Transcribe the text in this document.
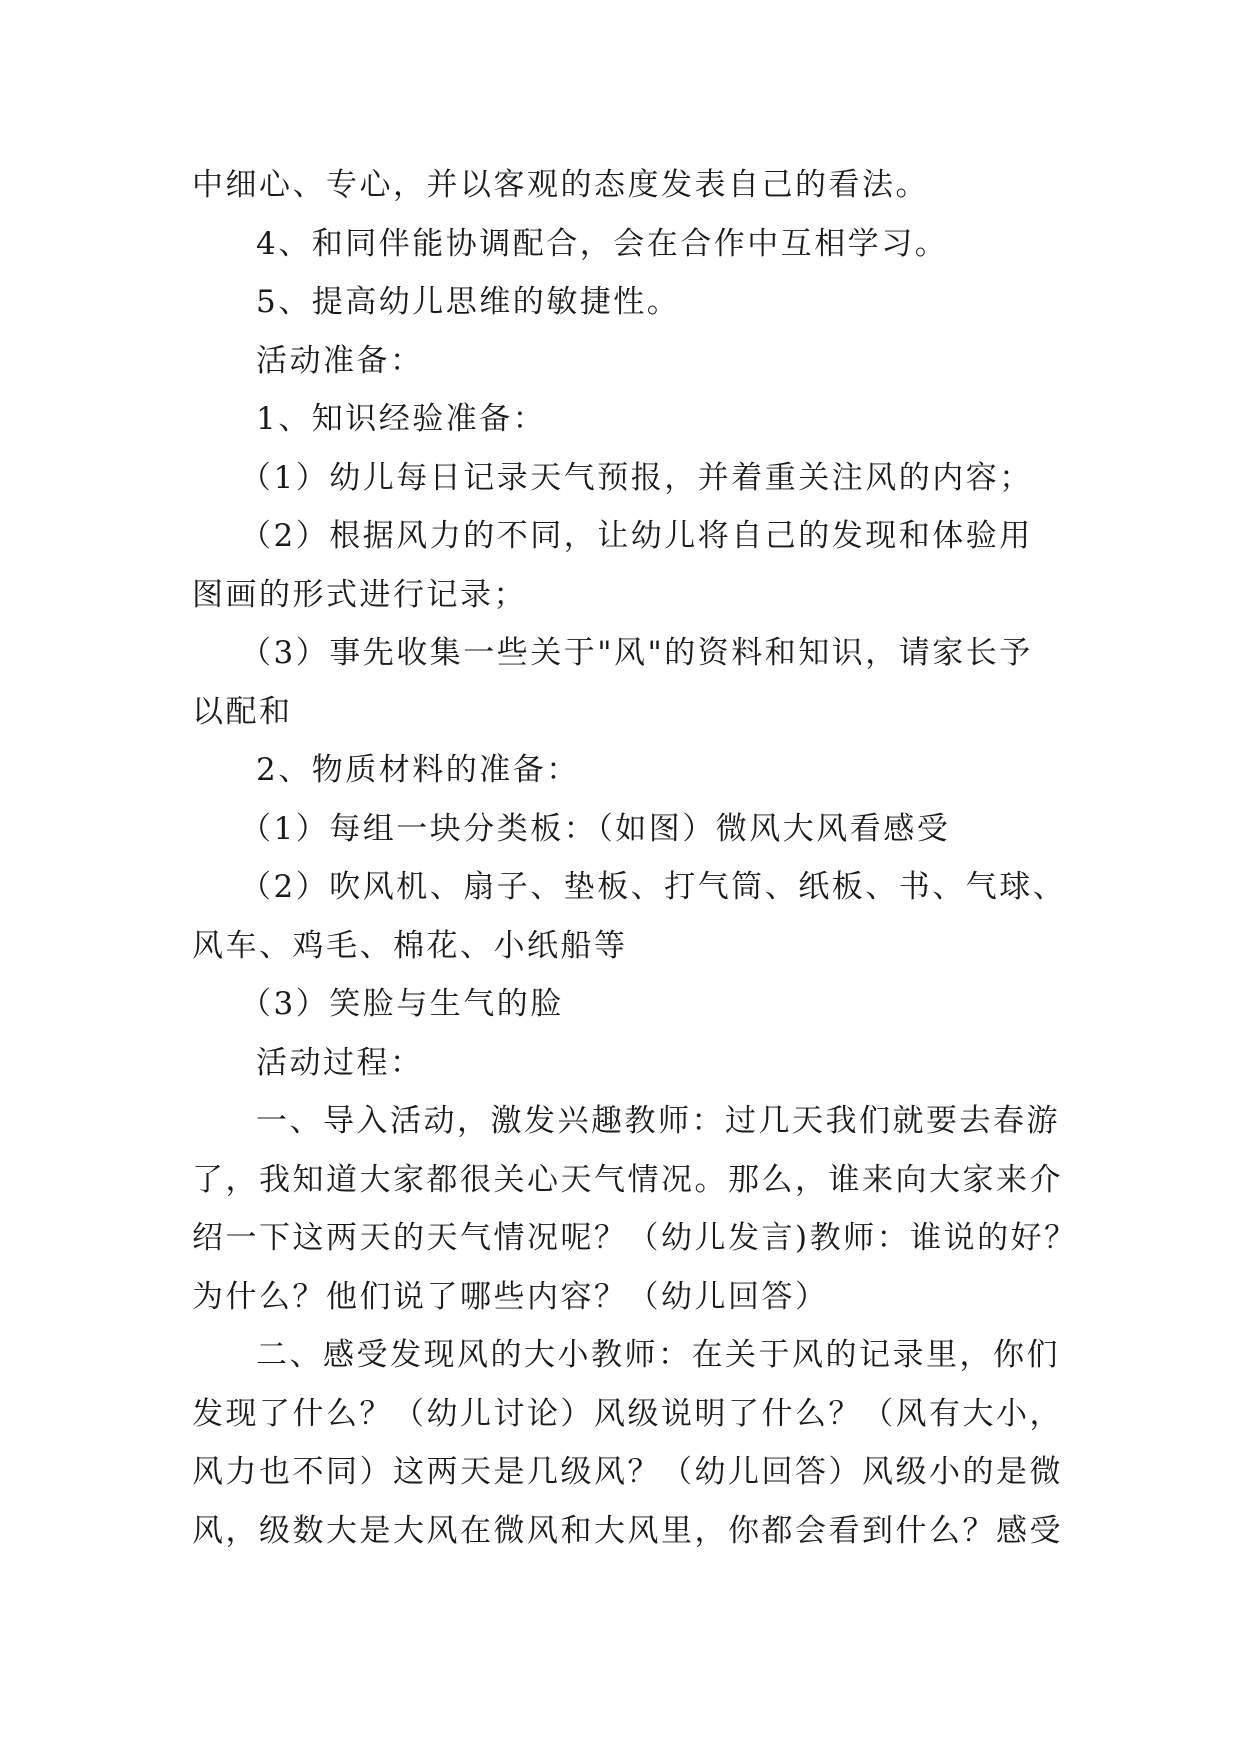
中细心、专心，并以客观的态度发表自己的看法。
4、和同伴能协调配合，会在合作中互相学习。
5、提高幼儿思维的敏捷性。
活动准备：
1、知识经验准备：
（1）幼儿每日记录天气预报，并着重关注风的内容；
（2）根据风力的不同，让幼儿将自己的发现和体验用
图画的形式进行记录；
（3）事先收集一些关于"风"的资料和知识，请家长予
以配和
2、物质材料的准备：
（1）每组一块分类板：（如图）微风大风看感受
（2）吹风机、扇子、垫板、打气筒、纸板、书、气球、
风车、鸡毛、棉花、小纸船等
（3）笑脸与生气的脸
活动过程：
一、导入活动，激发兴趣教师：过几天我们就要去春游
了，我知道大家都很关心天气情况。那么，谁来向大家来介
绍一下这两天的天气情况呢？（幼儿发言)教师：谁说的好？
为什么？他们说了哪些内容？（幼儿回答）
二、感受发现风的大小教师：在关于风的记录里，你们
发现了什么？（幼儿讨论）风级说明了什么？（风有大小，
风力也不同）这两天是几级风？（幼儿回答）风级小的是微
风，级数大是大风在微风和大风里，你都会看到什么？感受
